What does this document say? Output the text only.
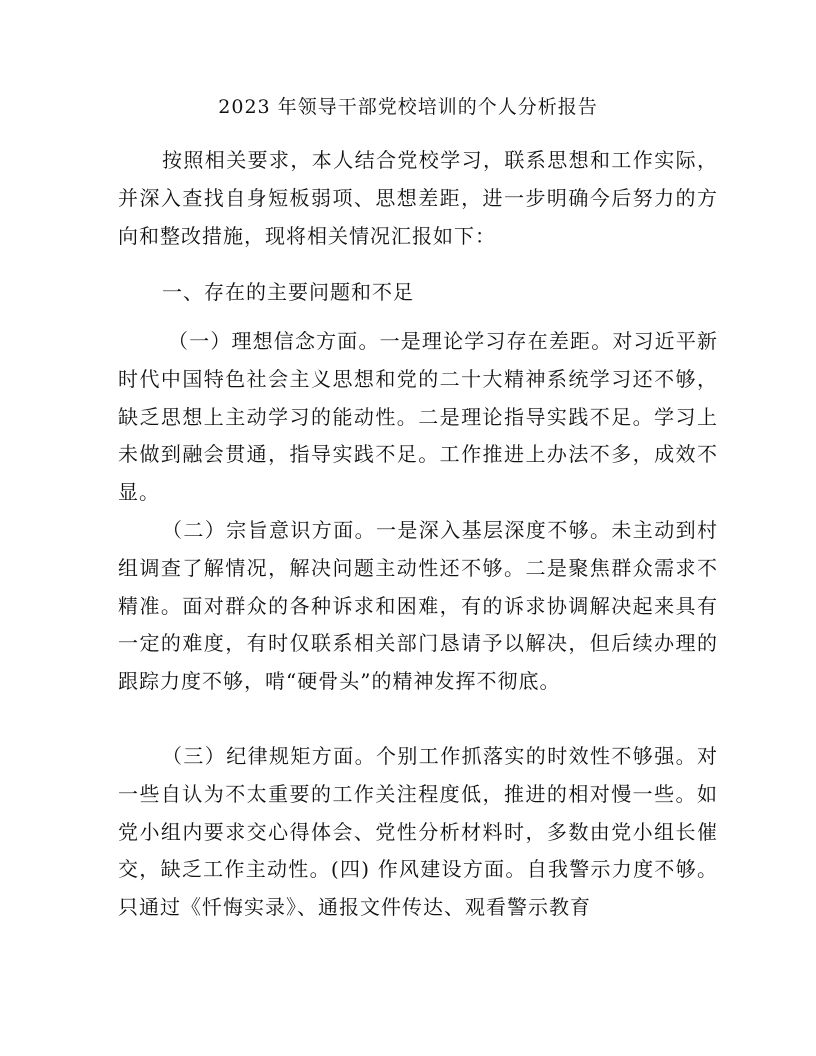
2023 年领导干部党校培训的个人分析报告

按照相关要求，本人结合党校学习，联系思想和工作实际，并深入查找自身短板弱项、思想差距，进一步明确今后努力的方向和整改措施，现将相关情况汇报如下：

一、存在的主要问题和不足

（一）理想信念方面。一是理论学习存在差距。对习近平新时代中国特色社会主义思想和党的二十大精神系统学习还不够，缺乏思想上主动学习的能动性。二是理论指导实践不足。学习上未做到融会贯通，指导实践不足。工作推进上办法不多，成效不显。

（二）宗旨意识方面。一是深入基层深度不够。未主动到村组调查了解情况，解决问题主动性还不够。二是聚焦群众需求不精准。面对群众的各种诉求和困难，有的诉求协调解决起来具有一定的难度，有时仅联系相关部门恳请予以解决，但后续办理的跟踪力度不够，啃“硬骨头”的精神发挥不彻底。

（三）纪律规矩方面。个别工作抓落实的时效性不够强。对一些自认为不太重要的工作关注程度低，推进的相对慢一些。如党小组内要求交心得体会、党性分析材料时，多数由党小组长催交，缺乏工作主动性。(四) 作风建设方面。自我警示力度不够。只通过《忏悔实录》、通报文件传达、观看警示教育
